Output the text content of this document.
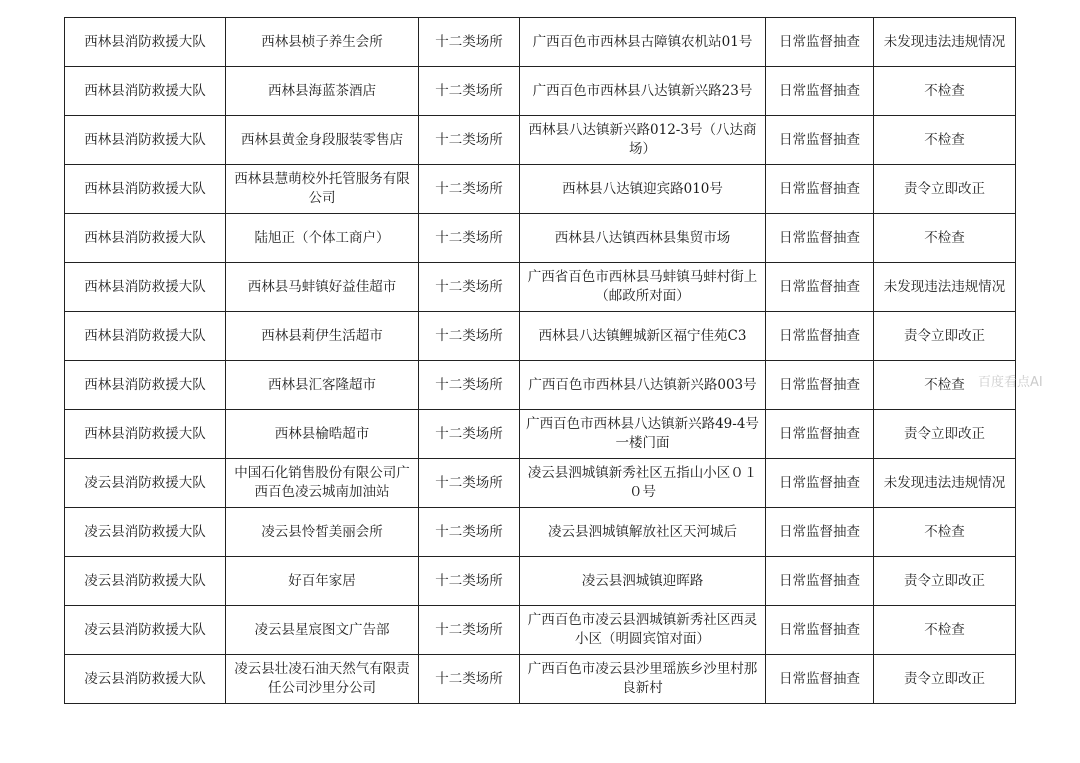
西林县消防救援大队	西林县桢子养生会所	十二类场所	广西百色市西林县古障镇农机站01号	日常监督抽查	未发现违法违规情况
西林县消防救援大队	西林县海蓝茶酒店	十二类场所	广西百色市西林县八达镇新兴路23号	日常监督抽查	不检查
西林县消防救援大队	西林县黄金身段服装零售店	十二类场所	西林县八达镇新兴路012-3号（八达商场）	日常监督抽查	不检查
西林县消防救援大队	西林县慧萌校外托管服务有限公司	十二类场所	西林县八达镇迎宾路010号	日常监督抽查	责令立即改正
西林县消防救援大队	陆旭正（个体工商户）	十二类场所	西林县八达镇西林县集贸市场	日常监督抽查	不检查
西林县消防救援大队	西林县马蚌镇好益佳超市	十二类场所	广西省百色市西林县马蚌镇马蚌村街上（邮政所对面）	日常监督抽查	未发现违法违规情况
西林县消防救援大队	西林县莉伊生活超市	十二类场所	西林县八达镇鲤城新区福宁佳苑C3	日常监督抽查	责令立即改正
西林县消防救援大队	西林县汇客隆超市	十二类场所	广西百色市西林县八达镇新兴路003号	日常监督抽查	不检查
西林县消防救援大队	西林县榆晧超市	十二类场所	广西百色市西林县八达镇新兴路49-4号一楼门面	日常监督抽查	责令立即改正
凌云县消防救援大队	中国石化销售股份有限公司广西百色凌云城南加油站	十二类场所	凌云县泗城镇新秀社区五指山小区０１０号	日常监督抽查	未发现违法违规情况
凌云县消防救援大队	凌云县怜皙美丽会所	十二类场所	凌云县泗城镇解放社区天河城后	日常监督抽查	不检查
凌云县消防救援大队	好百年家居	十二类场所	凌云县泗城镇迎晖路	日常监督抽查	责令立即改正
凌云县消防救援大队	凌云县星宸图文广告部	十二类场所	广西百色市凌云县泗城镇新秀社区西灵小区（明圆宾馆对面）	日常监督抽查	不检查
凌云县消防救援大队	凌云县壮凌石油天然气有限责任公司沙里分公司	十二类场所	广西百色市凌云县沙里瑶族乡沙里村那良新村	日常监督抽查	责令立即改正
百度看点AI
